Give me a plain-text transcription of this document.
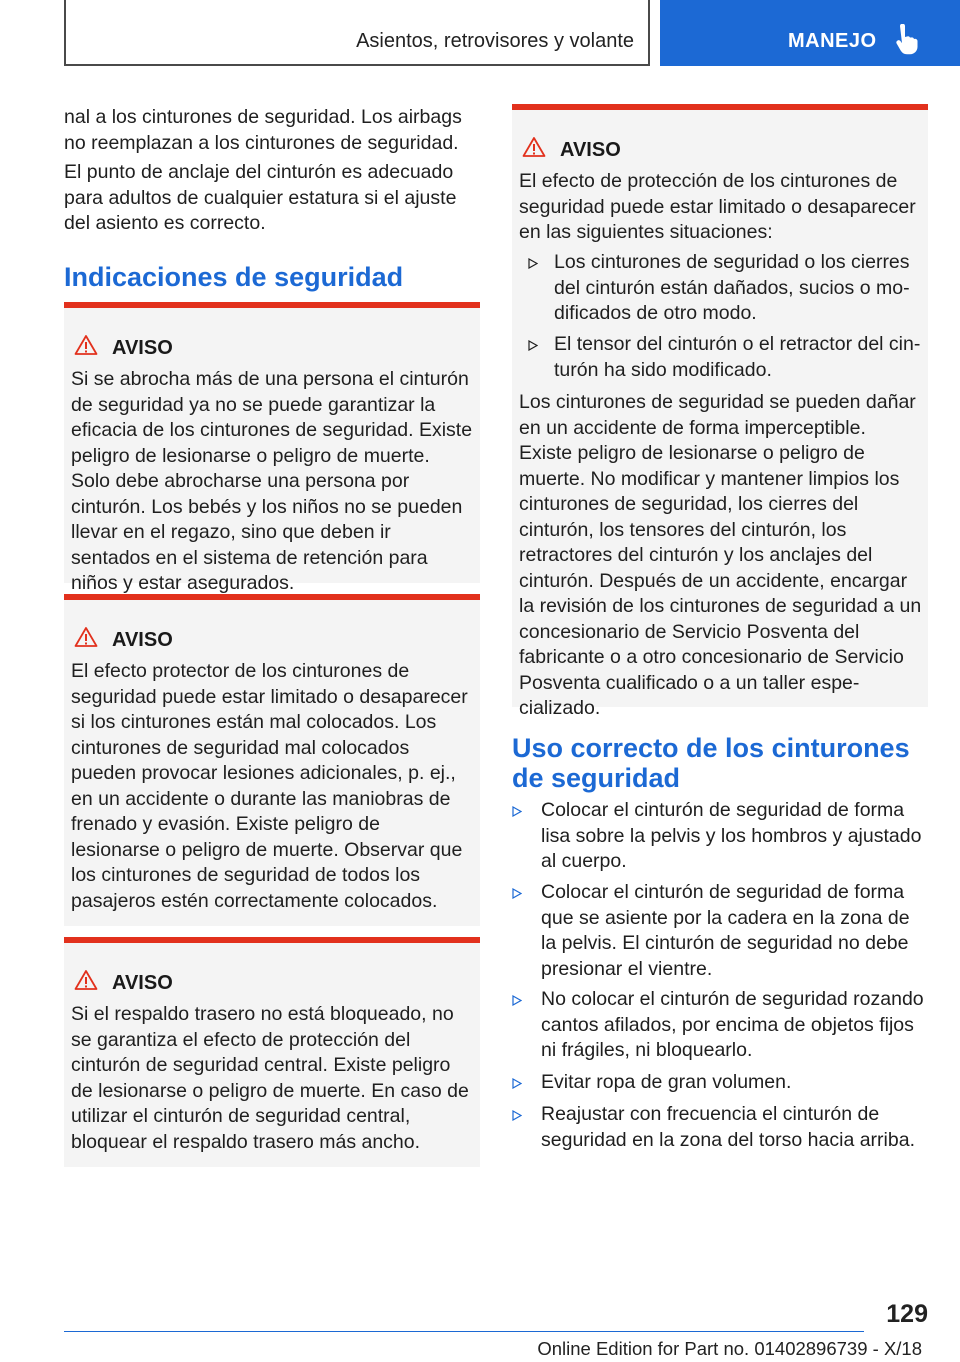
Asientos, retrovisores y volante	MANEJO

nal a los cinturones de seguridad. Los airbags no reemplazan a los cinturones de seguridad.

El punto de anclaje del cinturón es adecuado para adultos de cualquier estatura si el ajuste del asiento es correcto.

Indicaciones de seguridad
AVISO

Si se abrocha más de una persona el cinturón de seguridad ya no se puede garantizar la eficacia de los cinturones de seguridad. Existe peligro de lesionarse o peligro de muerte. Solo debe abrocharse una persona por cinturón. Los bebés y los niños no se pueden llevar en el regazo, sino que deben ir sentados en el sistema de retención para niños y estar asegurados.

AVISO

El efecto protector de los cinturones de seguridad puede estar limitado o desaparecer si los cinturones están mal colocados. Los cinturones de seguridad mal colocados pueden provocar lesiones adicionales, p. ej., en un accidente o durante las maniobras de frenado y evasión. Existe peligro de lesionarse o peligro de muerte. Observar que los cinturones de seguridad de todos los pasajeros estén correctamente colocados.

AVISO

Si el respaldo trasero no está bloqueado, no se garantiza el efecto de protección del cinturón de seguridad central. Existe peligro de lesionarse o peligro de muerte. En caso de utilizar el cinturón de seguridad central, bloquear el respaldo trasero más ancho.

AVISO

El efecto de protección de los cinturones de seguridad puede estar limitado o desaparecer en las siguientes situaciones:

Los cinturones de seguridad o los cierres del cinturón están dañados, sucios o modificados de otro modo.
El tensor del cinturón o el retractor del cinturón ha sido modificado.

Los cinturones de seguridad se pueden dañar en un accidente de forma imperceptible. Existe peligro de lesionarse o peligro de muerte. No modificar y mantener limpios los cinturones de seguridad, los cierres del cinturón, los tensores del cinturón, los retractores del cinturón y los anclajes del cinturón. Después de un accidente, encargar la revisión de los cinturones de seguridad a un concesionario de Servicio Posventa del fabricante o a otro concesionario de Servicio Posventa cualificado o a un taller especializado.

Uso correcto de los cinturones de seguridad
Colocar el cinturón de seguridad de forma lisa sobre la pelvis y los hombros y ajustado al cuerpo.
Colocar el cinturón de seguridad de forma que se asiente por la cadera en la zona de la pelvis. El cinturón de seguridad no debe presionar el vientre.
No colocar el cinturón de seguridad rozando cantos afilados, por encima de objetos fijos ni frágiles, ni bloquearlo.
Evitar ropa de gran volumen.
Reajustar con frecuencia el cinturón de seguridad en la zona del torso hacia arriba.
129
Online Edition for Part no. 01402896739 - X/18
